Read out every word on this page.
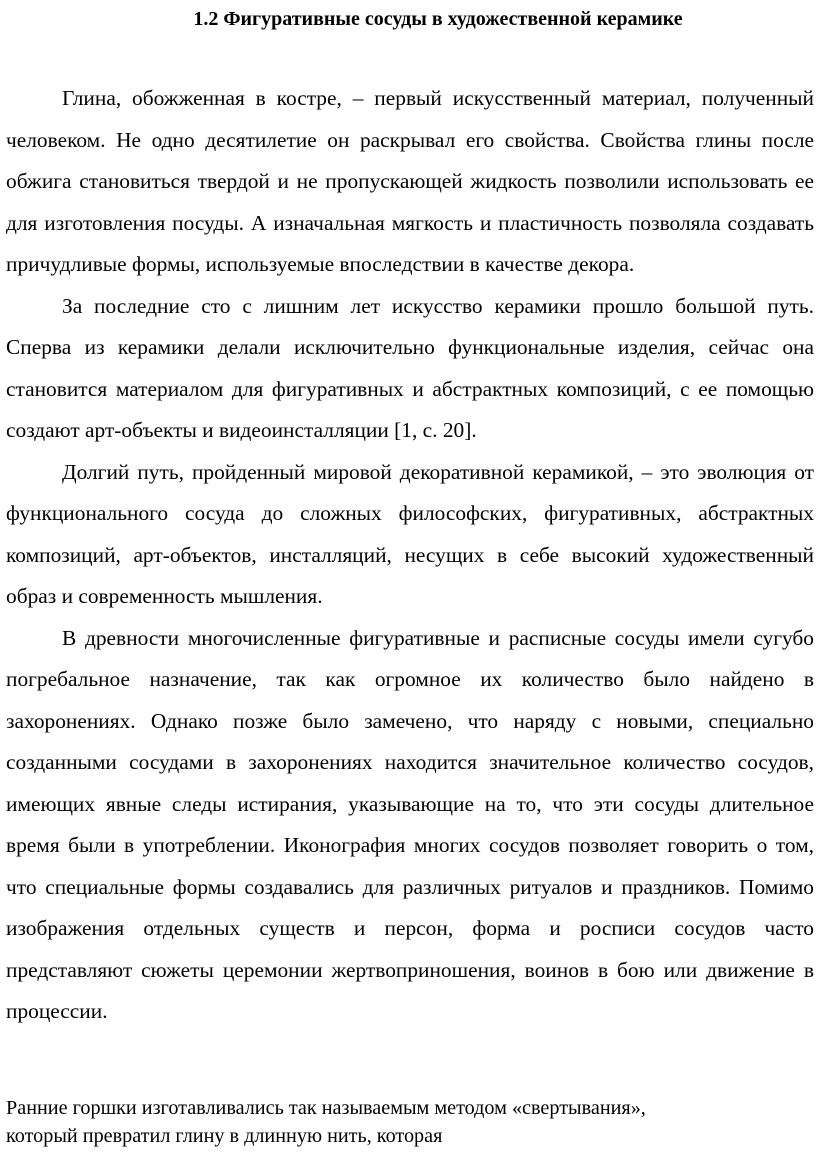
1.2 Фигуративные сосуды в художественной керамике

Глина, обожженная в костре, – первый искусственный материал, полученный человеком. Не одно десятилетие он раскрывал его свойства. Свойства глины после обжига становиться твердой и не пропускающей жидкость позволили использовать ее для изготовления посуды. А изначальная мягкость и пластичность позволяла создавать причудливые формы, используемые впоследствии в качестве декора.

За последние сто с лишним лет искусство керамики прошло большой путь. Сперва из керамики делали исключительно функциональные изделия, сейчас она становится материалом для фигуративных и абстрактных композиций, с ее помощью создают арт-объекты и видеоинсталляции [1, с. 20].

Долгий путь, пройденный мировой декоративной керамикой, – это эволюция от функционального сосуда до сложных философских, фигуративных, абстрактных композиций, арт-объектов, инсталляций, несущих в себе высокий художественный образ и современность мышления.

В древности многочисленные фигуративные и расписные сосуды имели сугубо погребальное назначение, так как огромное их количество было найдено в захоронениях. Однако позже было замечено, что наряду с новыми, специально созданными сосудами в захоронениях находится значительное количество сосудов, имеющих явные следы истирания, указывающие на то, что эти сосуды длительное время были в употреблении. Иконография многих сосудов позволяет говорить о том, что специальные формы создавались для различных ритуалов и праздников. Помимо изображения отдельных существ и персон, форма и росписи сосудов часто представляют сюжеты церемонии жертвоприношения, воинов в бою или движение в процессии.

Ранние горшки изготавливались так называемым методом «свертывания»,
который превратил глину в длинную нить, которая
